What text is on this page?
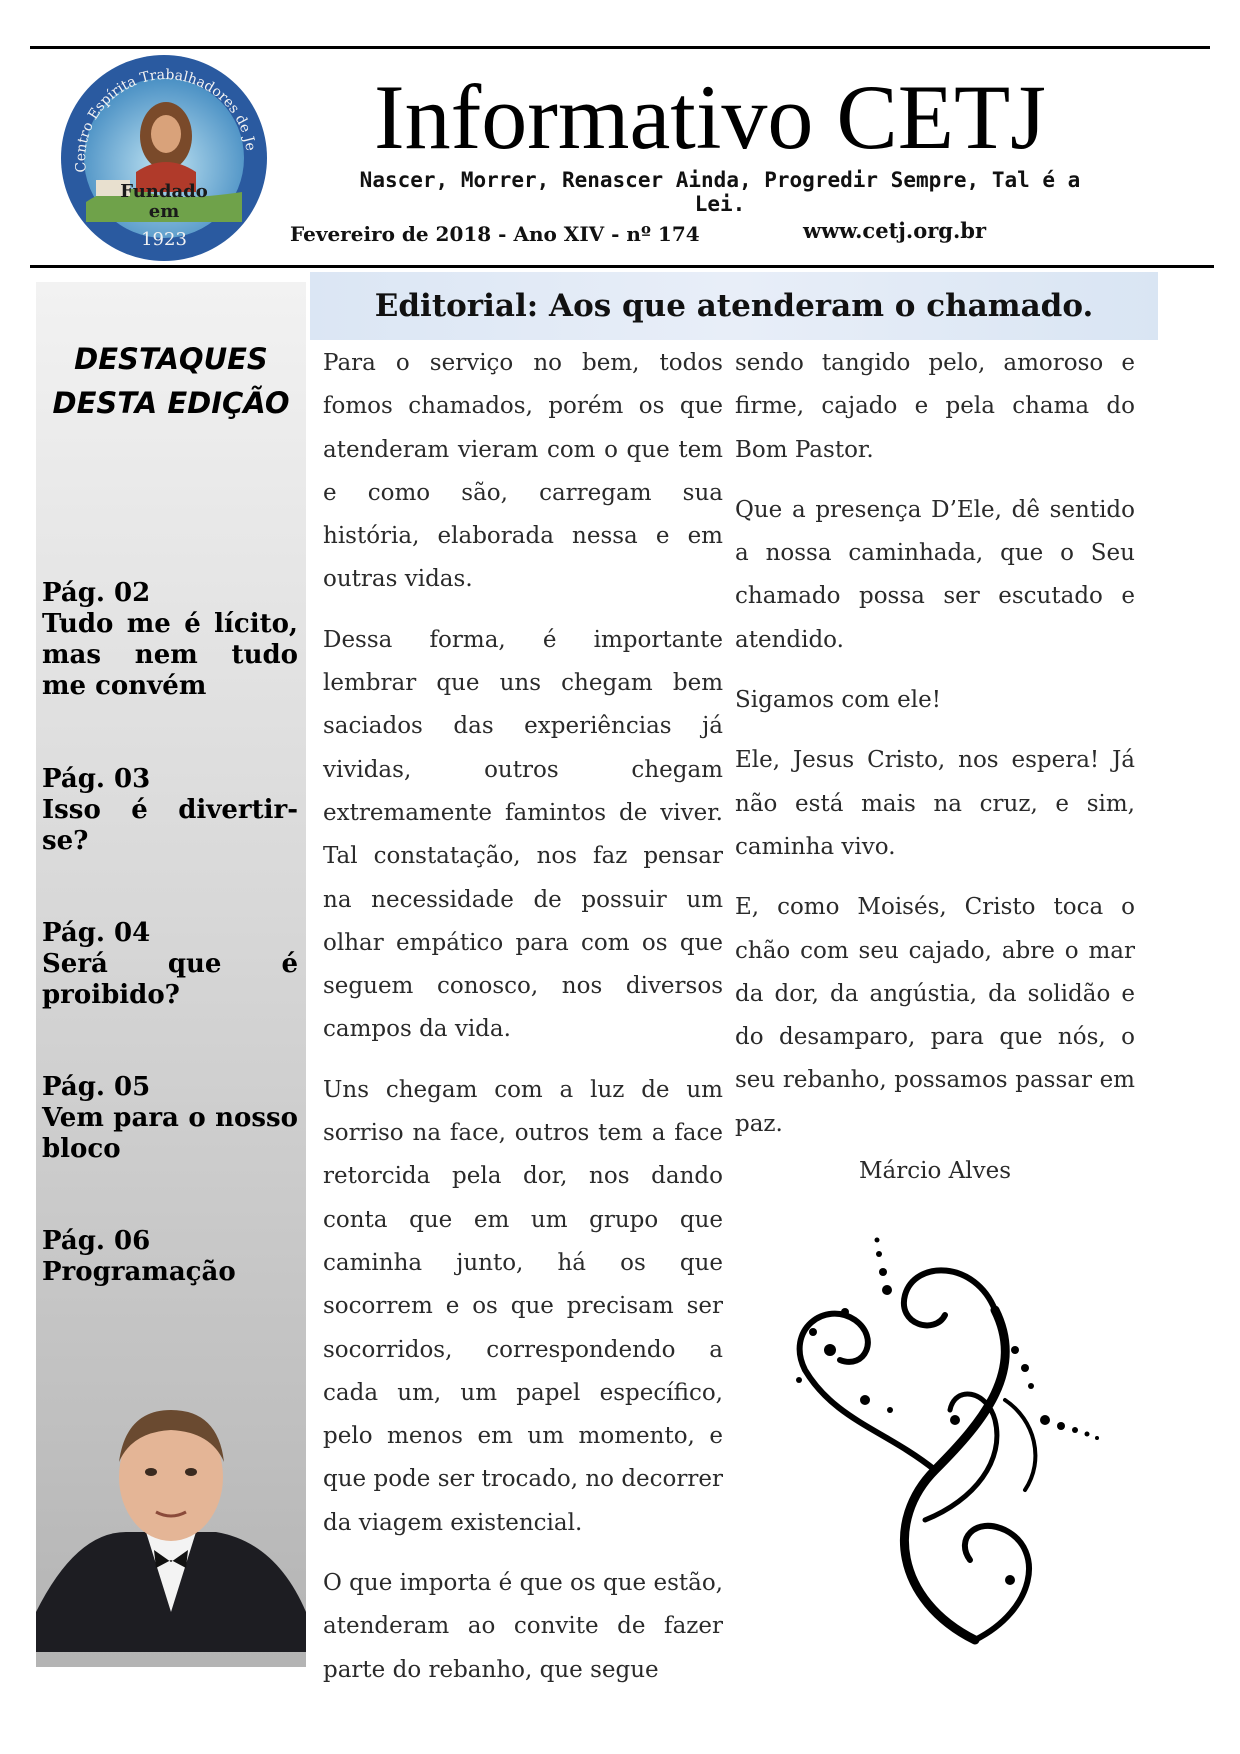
Centro Espírita Trabalhadores de Je
Fundado
em
1923
Informativo CETJ
Nascer, Morrer, Renascer Ainda, Progredir Sempre, Tal é a Lei.
Fevereiro de 2018 - Ano XIV - nº 174	www.cetj.org.br
DESTAQUES
DESTA EDIÇÃO
Pág. 02
Tudo me é lícito, mas nem tudo me convém
Pág. 03
Isso é divertir-se?
Pág. 04
Será que é proibido?
Pág. 05
Vem para o nosso bloco
Pág. 06
Programação
Editorial: Aos que atenderam o chamado.

Para o serviço no bem, todos fomos chamados, porém os que atenderam vieram com o que tem e como são, carregam sua história, elaborada nessa e em outras vidas.

Dessa forma, é importante lembrar que uns chegam bem saciados das experiências já vividas, outros chegam extremamente famintos de viver. Tal constatação, nos faz pensar na necessidade de possuir um olhar empático para com os que seguem conosco, nos diversos campos da vida.

Uns chegam com a luz de um sorriso na face, outros tem a face retorcida pela dor, nos dando conta que em um grupo que caminha junto, há os que socorrem e os que precisam ser socorridos, correspondendo a cada um, um papel específico, pelo menos em um momento, e que pode ser trocado, no decorrer da viagem existencial.

O que importa é que os que estão, atenderam ao convite de fazer parte do rebanho, que segue

sendo tangido pelo, amoroso e firme, cajado e pela chama do Bom Pastor.

Que a presença D’Ele, dê sentido a nossa caminhada, que o Seu chamado possa ser escutado e atendido.

Sigamos com ele!

Ele, Jesus Cristo, nos espera! Já não está mais na cruz, e sim, caminha vivo.

E, como Moisés, Cristo toca o chão com seu cajado, abre o mar da dor, da angústia, da solidão e do desamparo, para que nós, o seu rebanho, possamos passar em paz.

Márcio Alves
